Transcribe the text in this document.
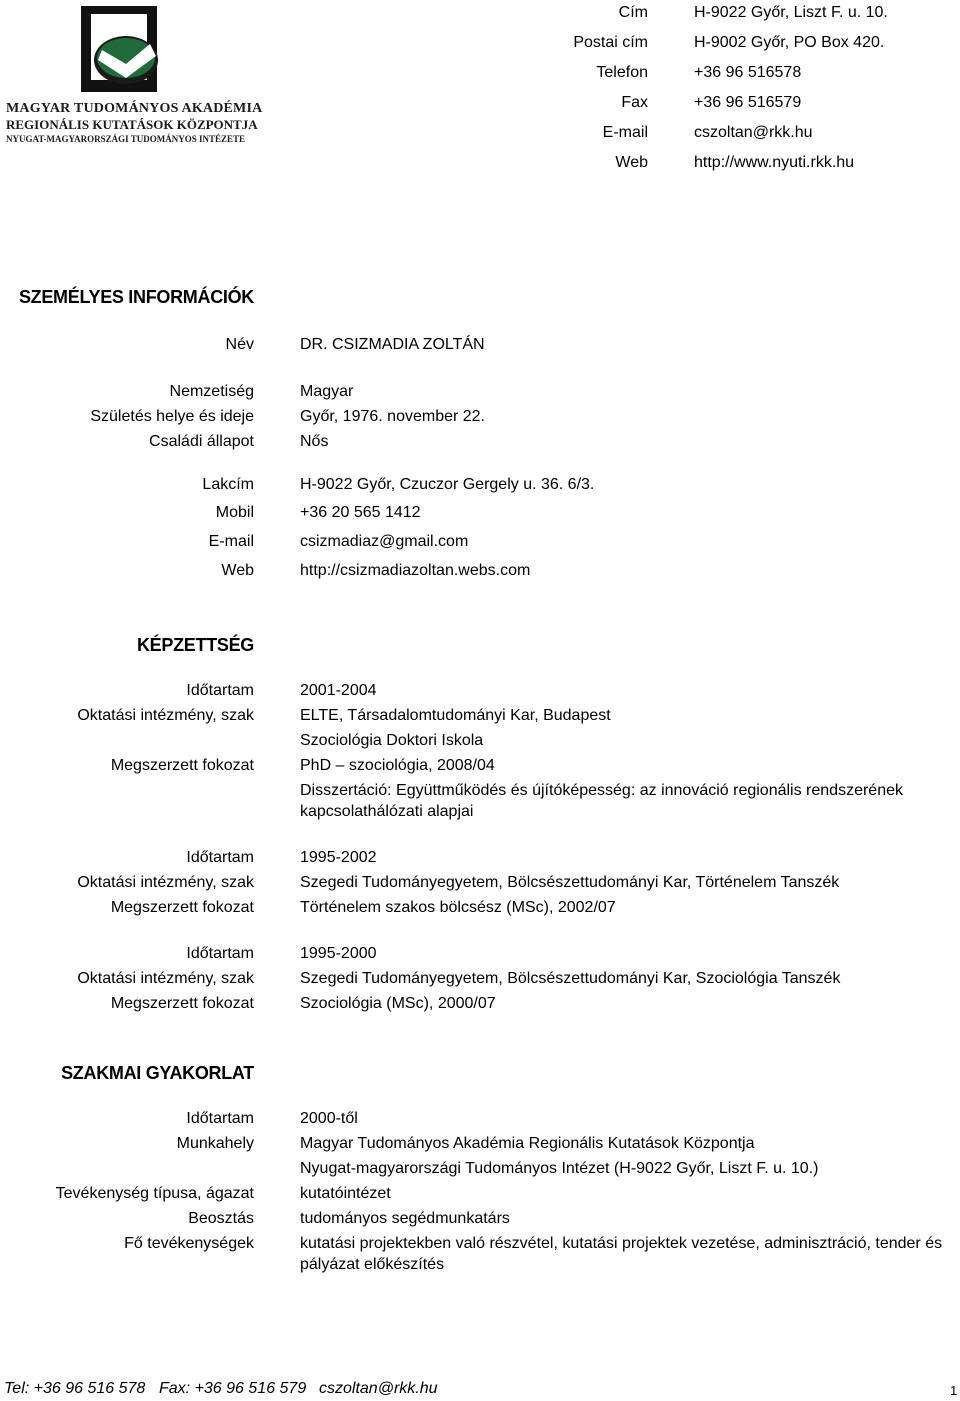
MAGYAR TUDOMÁNYOS AKADÉMIA
REGIONÁLIS KUTATÁSOK KÖZPONTJA
NYUGAT-MAGYARORSZÁGI TUDOMÁNYOS INTÉZETE
Cím	H-9022 Győr, Liszt F. u. 10.
Postai cím	H-9002 Győr, PO Box 420.
Telefon	+36 96 516578
Fax	+36 96 516579
E-mail	cszoltan@rkk.hu
Web	http://www.nyuti.rkk.hu
SZEMÉLYES INFORMÁCIÓK
Név	DR. CSIZMADIA ZOLTÁN
Nemzetiség	Magyar
Születés helye és ideje	Győr, 1976. november 22.
Családi állapot	Nős
Lakcím	H-9022 Győr, Czuczor Gergely u. 36. 6/3.
Mobil	+36 20 565 1412
E-mail	csizmadiaz@gmail.com
Web	http://csizmadiazoltan.webs.com
KÉPZETTSÉG
Időtartam	2001-2004
Oktatási intézmény, szak	ELTE, Társadalomtudományi Kar, Budapest
Szociológia Doktori Iskola
Megszerzett fokozat	PhD – szociológia, 2008/04
Disszertáció: Együttműködés és újítóképesség: az innováció regionális rendszerének
kapcsolathálózati alapjai
Időtartam	1995-2002
Oktatási intézmény, szak	Szegedi Tudományegyetem, Bölcsészettudományi Kar, Történelem Tanszék
Megszerzett fokozat	Történelem szakos bölcsész (MSc), 2002/07
Időtartam	1995-2000
Oktatási intézmény, szak	Szegedi Tudományegyetem, Bölcsészettudományi Kar, Szociológia Tanszék
Megszerzett fokozat	Szociológia (MSc), 2000/07
SZAKMAI GYAKORLAT
Időtartam	2000-től
Munkahely	Magyar Tudományos Akadémia Regionális Kutatások Központja
Nyugat-magyarországi Tudományos Intézet (H-9022 Győr, Liszt F. u. 10.)
Tevékenység típusa, ágazat	kutatóintézet
Beosztás	tudományos segédmunkatárs
Fő tevékenységek	kutatási projektekben való részvétel, kutatási projektek vezetése, adminisztráció, tender és
pályázat előkészítés
Tel: +36 96 516 578 Fax: +36 96 516 579 cszoltan@rkk.hu	1
